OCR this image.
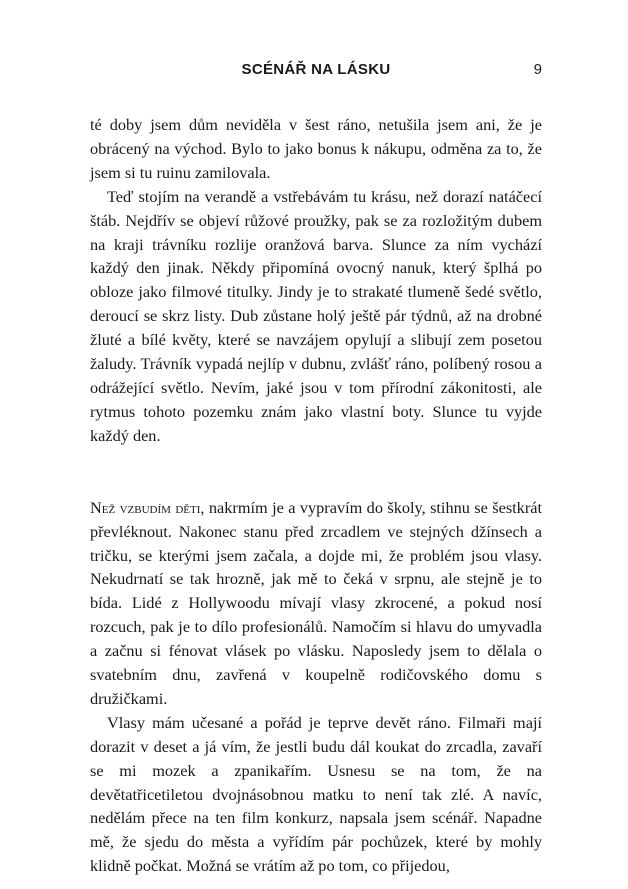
SCÉNÁŘ NA LÁSKU	9

té doby jsem dům neviděla v šest ráno, netušila jsem ani, že je obrácený na východ. Bylo to jako bonus k nákupu, odměna za to, že jsem si tu ruinu zamilovala.

Teď stojím na verandě a vstřebávám tu krásu, než dorazí natáčecí štáb. Nejdřív se objeví růžové proužky, pak se za rozložitým dubem na kraji trávníku rozlije oranžová barva. Slunce za ním vychází každý den jinak. Někdy připomíná ovocný nanuk, který šplhá po obloze jako filmové titulky. Jindy je to strakaté tlumeně šedé světlo, deroucí se skrz listy. Dub zůstane holý ještě pár týdnů, až na drobné žluté a bílé květy, které se navzájem opylují a slibují zem posetou žaludy. Trávník vypadá nejlíp v dubnu, zvlášť ráno, políbený rosou a odrážející světlo. Nevím, jaké jsou v tom přírodní zákonitosti, ale rytmus tohoto pozemku znám jako vlastní boty. Slunce tu vyjde každý den.

Než vzbudím děti, nakrmím je a vypravím do školy, stihnu se šestkrát převléknout. Nakonec stanu před zrcadlem ve stejných džínsech a tričku, se kterými jsem začala, a dojde mi, že problém jsou vlasy. Nekudrnatí se tak hrozně, jak mě to čeká v srpnu, ale stejně je to bída. Lidé z Hollywoodu mívají vlasy zkrocené, a pokud nosí rozcuch, pak je to dílo profesionálů. Namočím si hlavu do umyvadla a začnu si fénovat vlásek po vlásku. Naposledy jsem to dělala o svatebním dnu, zavřená v koupelně rodičovského domu s družičkami.

Vlasy mám učesané a pořád je teprve devět ráno. Filmaři mají dorazit v deset a já vím, že jestli budu dál koukat do zrcadla, zavaří se mi mozek a zpanikařím. Usnesu se na tom, že na devětatřicetiletou dvojnásobnou matku to není tak zlé. A navíc, nedělám přece na ten film konkurz, napsala jsem scénář. Napadne mě, že sjedu do města a vyřídím pár pochůzek, které by mohly klidně počkat. Možná se vrátím až po tom, co přijedou,
